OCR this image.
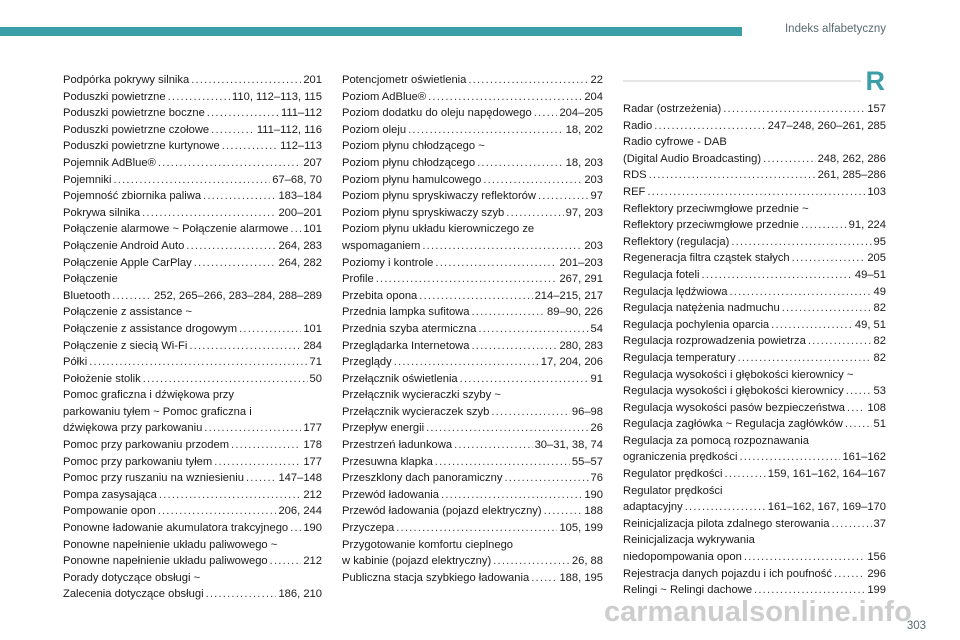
Indeks alfabetyczny
R
Podpórka pokrywy silnika .....	201
Poduszki powietrzne .....	110, 112–113, 115
Poduszki powietrzne boczne .....	111–112
Poduszki powietrzne czołowe .....	111–112, 116
Poduszki powietrzne kurtynowe .....	112–113
Pojemnik AdBlue® .....	207
Pojemniki .....	67–68, 70
Pojemność zbiornika paliwa .....	183–184
Pokrywa silnika .....	200–201
Połączenie alarmowe ~ Połączenie alarmowe ..... 101
Połączenie Android Auto .....	264, 283
Połączenie Apple CarPlay .....	264, 282
Połączenie
Bluetooth .....	252, 265–266, 283–284, 288–289
Połączenie z assistance ~
Połączenie z assistance drogowym .....	101
Połączenie z siecią Wi-Fi .....	284
Półki .....	71
Położenie stolik .....	50
Pomoc graficzna i dźwiękowa przy
parkowaniu tyłem ~ Pomoc graficzna i
dźwiękowa przy parkowaniu .....	177
Pomoc przy parkowaniu przodem .....	178
Pomoc przy parkowaniu tyłem .....	177
Pomoc przy ruszaniu na wzniesieniu .....	147–148
Pompa zasysająca .....	212
Pompowanie opon .....	206, 244
Ponowne ładowanie akumulatora trakcyjnego ..... 190
Ponowne napełnienie układu paliwowego ~
Ponowne napełnienie układu paliwowego .....	212
Porady dotyczące obsługi ~
Zalecenia dotyczące obsługi .....	186, 210
Potencjometr oświetlenia .....	22
Poziom AdBlue® .....	204
Poziom dodatku do oleju napędowego ..... 204–205
Poziom oleju .....	18, 202
Poziom płynu chłodzącego ~
Poziom płynu chłodzącego .....	18, 203
Poziom płynu hamulcowego .....	203
Poziom płynu spryskiwaczy reflektorów .....	97
Poziom płynu spryskiwaczy szyb .....	97, 203
Poziom płynu układu kierowniczego ze
wspomaganiem .....	203
Poziomy i kontrole .....	201–203
Profile .....	267, 291
Przebita opona .....	214–215, 217
Przednia lampka sufitowa .....	89–90, 226
Przednia szyba atermiczna .....	54
Przeglądarka Internetowa .....	280, 283
Przeglądy .....	17, 204, 206
Przełącznik oświetlenia .....	91
Przełącznik wycieraczki szyby ~
Przełącznik wycieraczek szyb .....	96–98
Przepływ energii .....	26
Przestrzeń ładunkowa .....	30–31, 38, 74
Przesuwna klapka .....	55–57
Przeszklony dach panoramiczny .....	76
Przewód ładowania .....	190
Przewód ładowania (pojazd elektryczny) .....	188
Przyczepa .....	105, 199
Przygotowanie komfortu cieplnego
w kabinie (pojazd elektryczny) .....	26, 88
Publiczna stacja szybkiego ładowania .....	188, 195
Radar (ostrzeżenia) .....	157
Radio .....	247–248, 260–261, 285
Radio cyfrowe - DAB
(Digital Audio Broadcasting) .....	248, 262, 286
RDS .....	261, 285–286
REF .....	103
Reflektory przeciwmgłowe przednie ~
Reflektory przeciwmgłowe przednie .....	91, 224
Reflektory (regulacja) .....	95
Regeneracja filtra cząstek stałych .....	205
Regulacja foteli .....	49–51
Regulacja lędźwiowa .....	49
Regulacja natężenia nadmuchu .....	82
Regulacja pochylenia oparcia .....	49, 51
Regulacja rozprowadzenia powietrza .....	82
Regulacja temperatury .....	82
Regulacja wysokości i głębokości kierownicy ~
Regulacja wysokości i głębokości kierownicy .....	53
Regulacja wysokości pasów bezpieczeństwa ..... 108
Regulacja zagłówka ~ Regulacja zagłówków .....	51
Regulacja za pomocą rozpoznawania
ograniczenia prędkości .....	161–162
Regulator prędkości .....	159, 161–162, 164–167
Regulator prędkości
adaptacyjny .....	161–162, 167, 169–170
Reinicjalizacja pilota zdalnego sterowania .....	37
Reinicjalizacja wykrywania
niedopompowania opon .....	156
Rejestracja danych pojazdu i ich poufność .....	296
Relingi ~ Relingi dachowe .....	199
carmanualsonline.info
303
